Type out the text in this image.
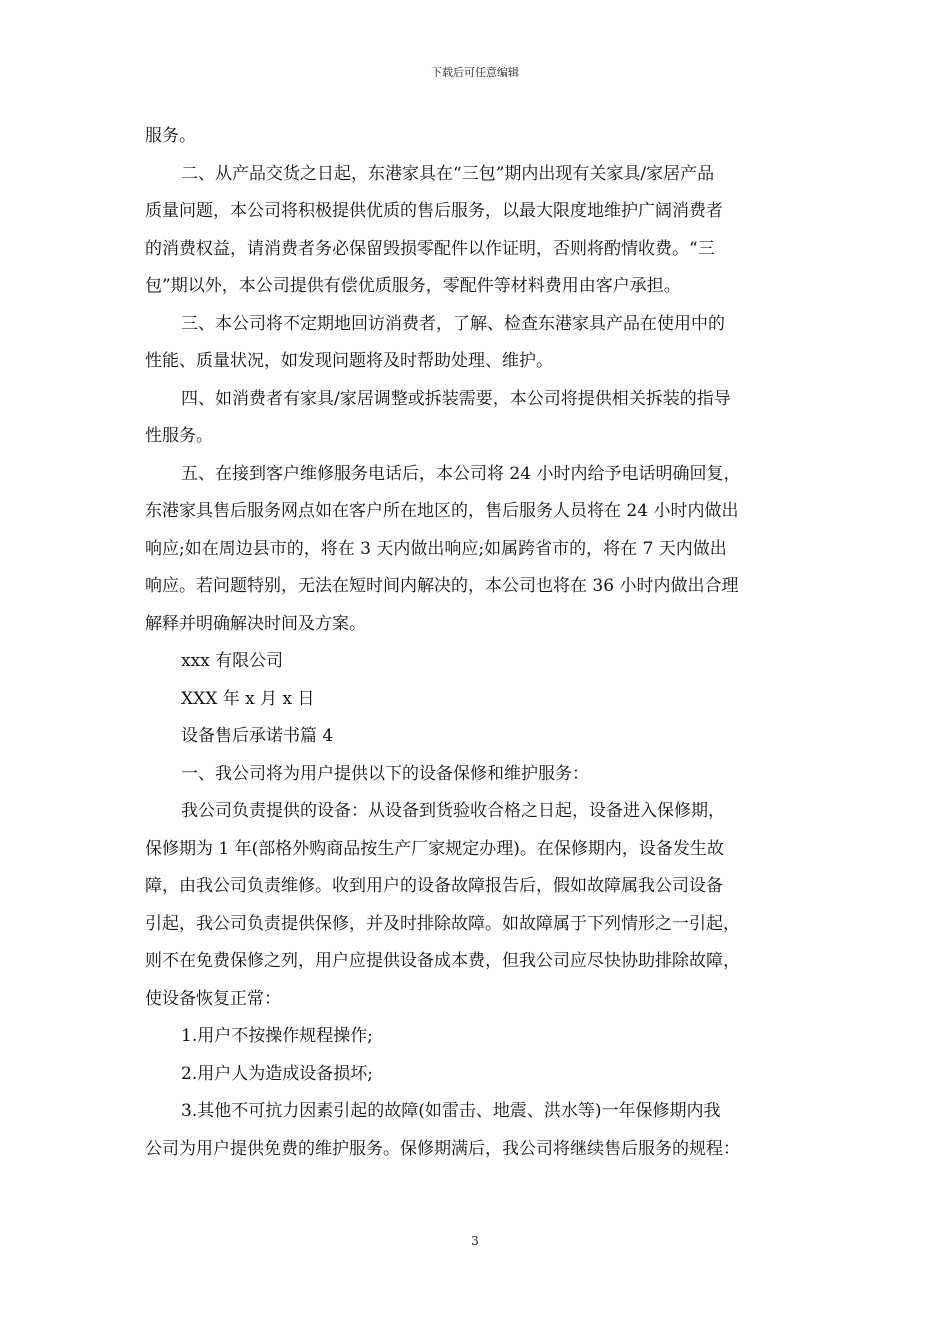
下载后可任意编辑
服务。
二、从产品交货之日起，东港家具在“三包”期内出现有关家具/家居产品
质量问题，本公司将积极提供优质的售后服务，以最大限度地维护广阔消费者
的消费权益，请消费者务必保留毁损零配件以作证明，否则将酌情收费。“三
包”期以外，本公司提供有偿优质服务，零配件等材料费用由客户承担。
三、本公司将不定期地回访消费者，了解、检查东港家具产品在使用中的
性能、质量状况，如发现问题将及时帮助处理、维护。
四、如消费者有家具/家居调整或拆装需要，本公司将提供相关拆装的指导
性服务。
五、在接到客户维修服务电话后，本公司将 24 小时内给予电话明确回复，
东港家具售后服务网点如在客户所在地区的，售后服务人员将在 24 小时内做出
响应;如在周边县市的，将在 3 天内做出响应;如属跨省市的，将在 7 天内做出
响应。若问题特别，无法在短时间内解决的，本公司也将在 36 小时内做出合理
解释并明确解决时间及方案。
xxx 有限公司
XXX 年 x 月 x 日
设备售后承诺书篇 4
一、我公司将为用户提供以下的设备保修和维护服务：
我公司负责提供的设备：从设备到货验收合格之日起，设备进入保修期，
保修期为 1 年(部格外购商品按生产厂家规定办理)。在保修期内，设备发生故
障，由我公司负责维修。收到用户的设备故障报告后，假如故障属我公司设备
引起，我公司负责提供保修，并及时排除故障。如故障属于下列情形之一引起，
则不在免费保修之列，用户应提供设备成本费，但我公司应尽快协助排除故障，
使设备恢复正常：
1.用户不按操作规程操作;
2.用户人为造成设备损坏;
3.其他不可抗力因素引起的故障(如雷击、地震、洪水等)一年保修期内我
公司为用户提供免费的维护服务。保修期满后，我公司将继续售后服务的规程：
3
